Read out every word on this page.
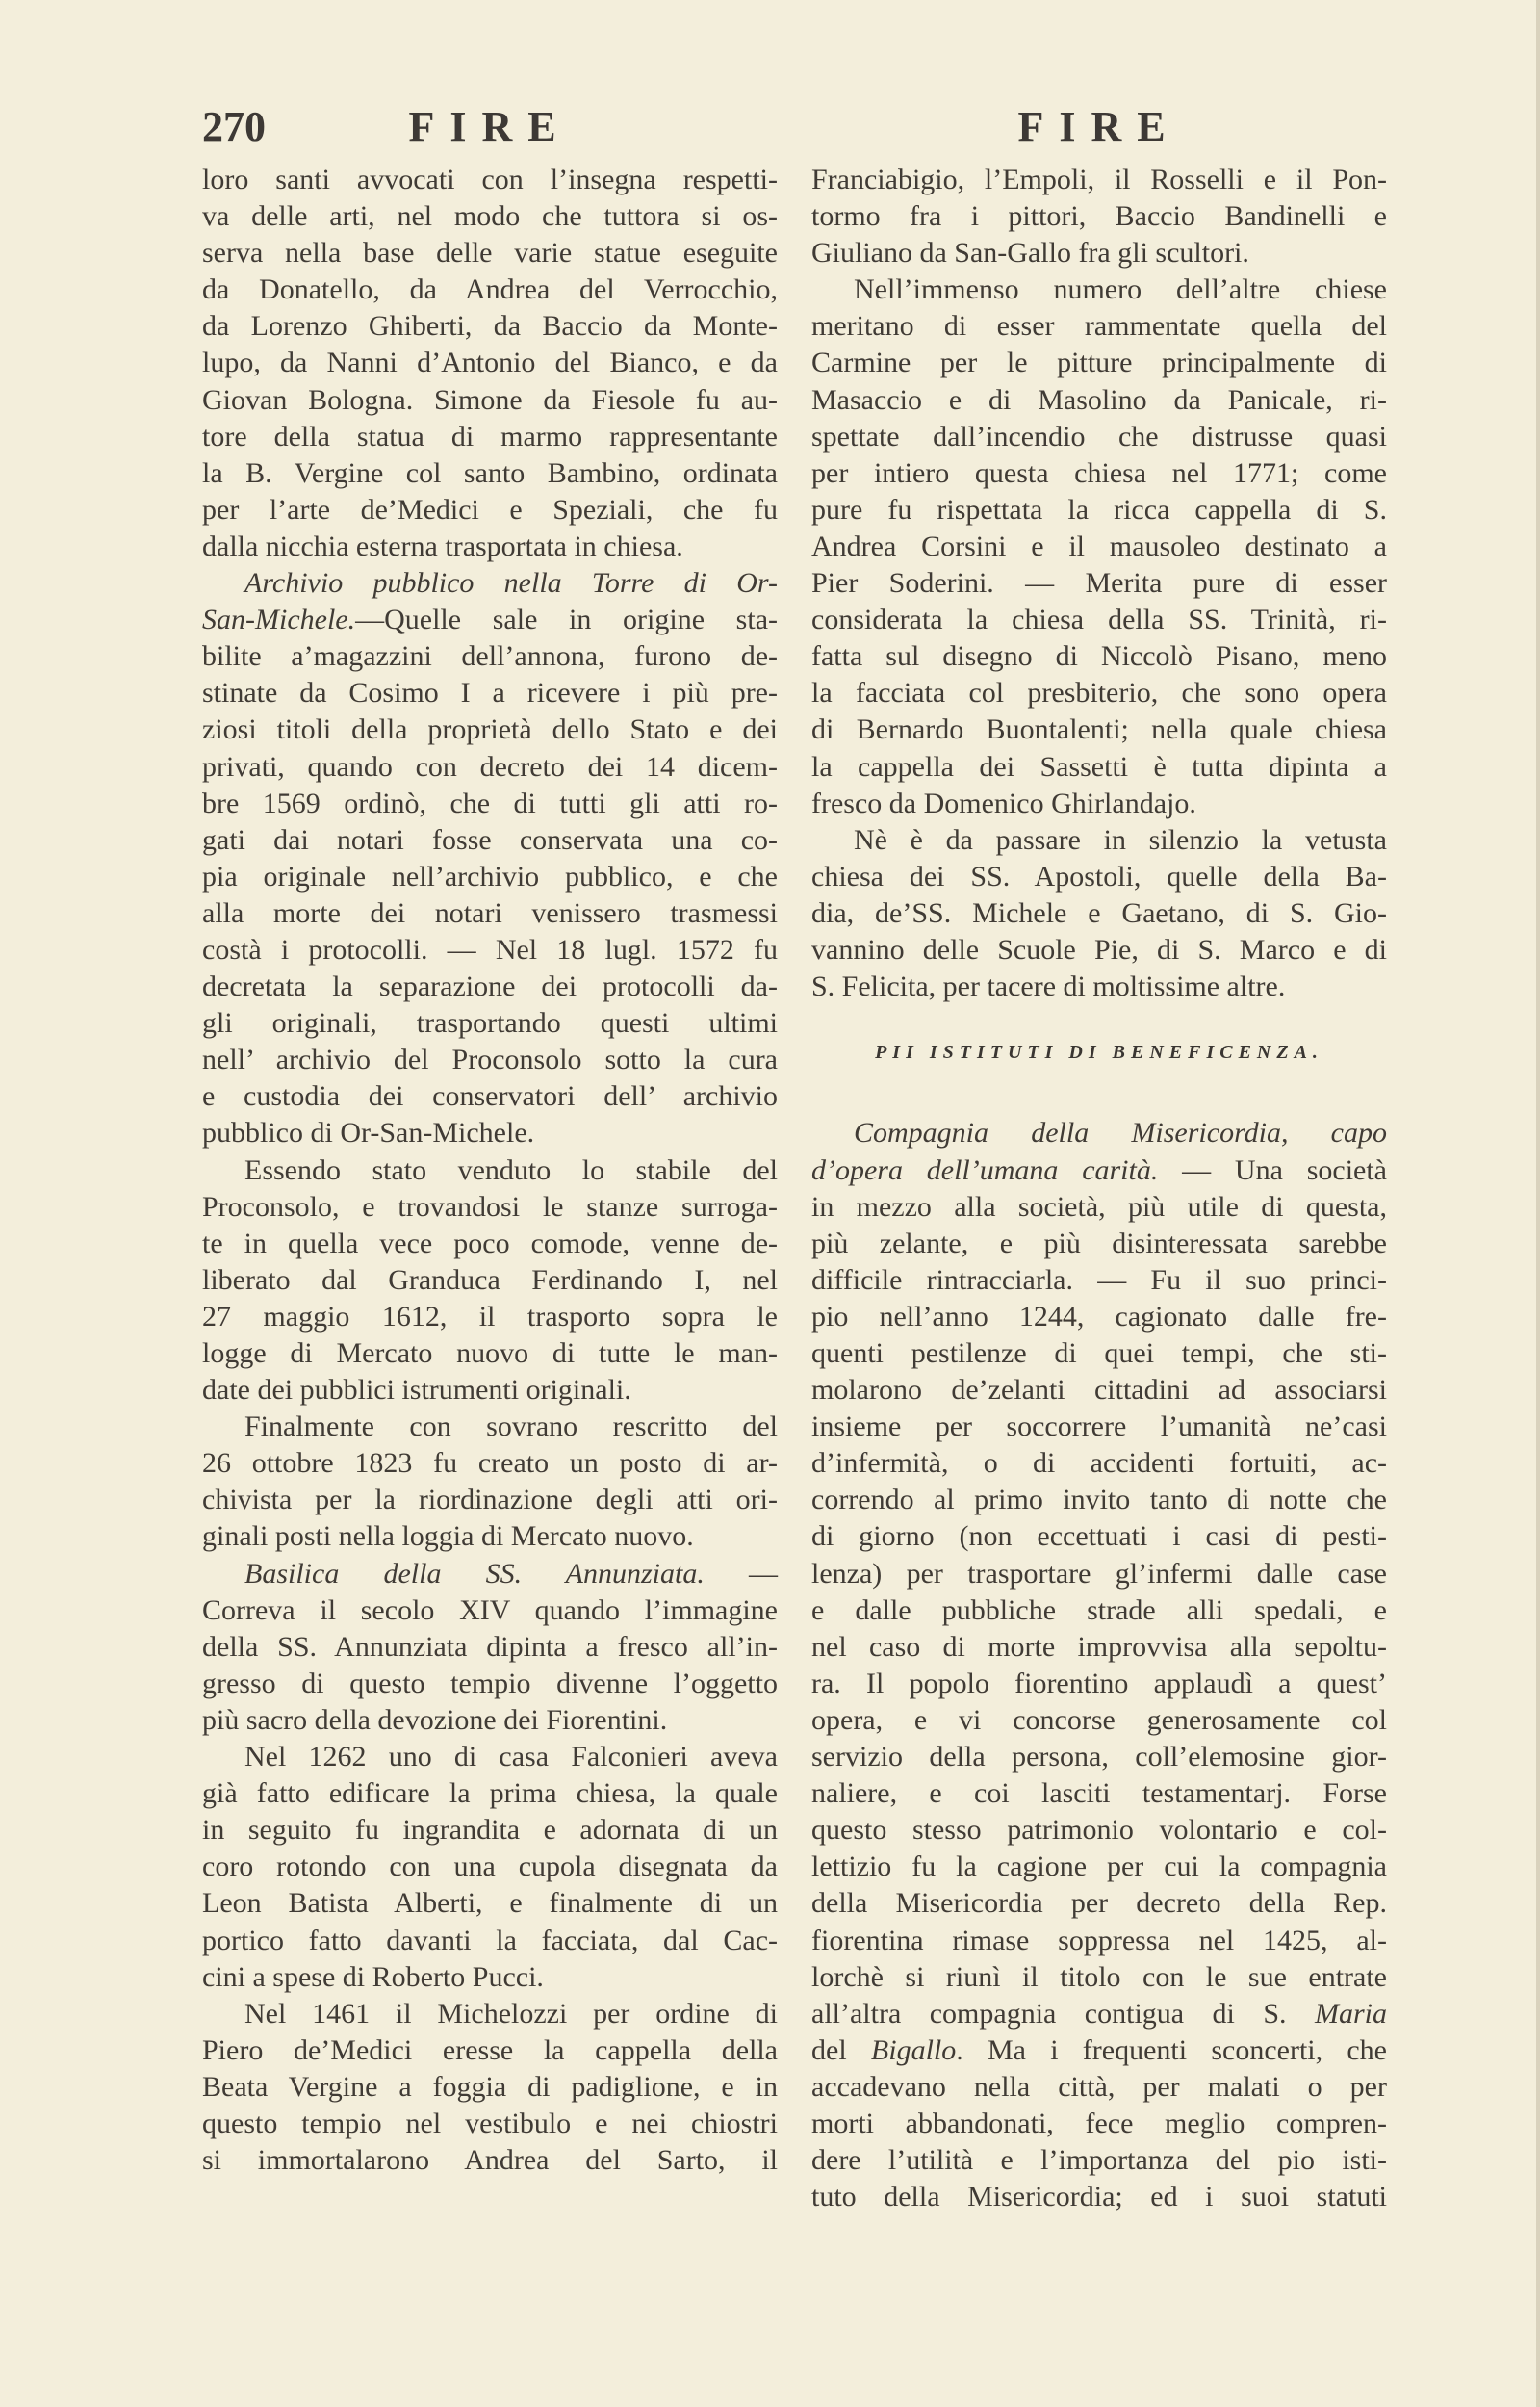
270	FIRE	FIRE
loro santi avvocati con l’insegna respetti-
va delle arti, nel modo che tuttora si os-
serva nella base delle varie statue eseguite
da Donatello, da Andrea del Verrocchio,
da Lorenzo Ghiberti, da Baccio da Monte-
lupo, da Nanni d’Antonio del Bianco, e da
Giovan Bologna. Simone da Fiesole fu au-
tore della statua di marmo rappresentante
la B. Vergine col santo Bambino, ordinata
per l’arte de’Medici e Speziali, che fu
dalla nicchia esterna trasportata in chiesa.
Archivio pubblico nella Torre di Or-
San-Michele.—Quelle sale in origine sta-
bilite a’magazzini dell’annona, furono de-
stinate da Cosimo I a ricevere i più pre-
ziosi titoli della proprietà dello Stato e dei
privati, quando con decreto dei 14 dicem-
bre 1569 ordinò, che di tutti gli atti ro-
gati dai notari fosse conservata una co-
pia originale nell’archivio pubblico, e che
alla morte dei notari venissero trasmessi
costà i protocolli. — Nel 18 lugl. 1572 fu
decretata la separazione dei protocolli da-
gli originali, trasportando questi ultimi
nell’ archivio del Proconsolo sotto la cura
e custodia dei conservatori dell’ archivio
pubblico di Or-San-Michele.
Essendo stato venduto lo stabile del
Proconsolo, e trovandosi le stanze surroga-
te in quella vece poco comode, venne de-
liberato dal Granduca Ferdinando I, nel
27 maggio 1612, il trasporto sopra le
logge di Mercato nuovo di tutte le man-
date dei pubblici istrumenti originali.
Finalmente con sovrano rescritto del
26 ottobre 1823 fu creato un posto di ar-
chivista per la riordinazione degli atti ori-
ginali posti nella loggia di Mercato nuovo.
Basilica della SS. Annunziata. —
Correva il secolo XIV quando l’immagine
della SS. Annunziata dipinta a fresco all’in-
gresso di questo tempio divenne l’oggetto
più sacro della devozione dei Fiorentini.
Nel 1262 uno di casa Falconieri aveva
già fatto edificare la prima chiesa, la quale
in seguito fu ingrandita e adornata di un
coro rotondo con una cupola disegnata da
Leon Batista Alberti, e finalmente di un
portico fatto davanti la facciata, dal Cac-
cini a spese di Roberto Pucci.
Nel 1461 il Michelozzi per ordine di
Piero de’Medici eresse la cappella della
Beata Vergine a foggia di padiglione, e in
questo tempio nel vestibulo e nei chiostri
si immortalarono Andrea del Sarto, il
Franciabigio, l’Empoli, il Rosselli e il Pon-
tormo fra i pittori, Baccio Bandinelli e
Giuliano da San-Gallo fra gli scultori.
Nell’immenso numero dell’altre chiese
meritano di esser rammentate quella del
Carmine per le pitture principalmente di
Masaccio e di Masolino da Panicale, ri-
spettate dall’incendio che distrusse quasi
per intiero questa chiesa nel 1771; come
pure fu rispettata la ricca cappella di S.
Andrea Corsini e il mausoleo destinato a
Pier Soderini. — Merita pure di esser
considerata la chiesa della SS. Trinità, ri-
fatta sul disegno di Niccolò Pisano, meno
la facciata col presbiterio, che sono opera
di Bernardo Buontalenti; nella quale chiesa
la cappella dei Sassetti è tutta dipinta a
fresco da Domenico Ghirlandajo.
Nè è da passare in silenzio la vetusta
chiesa dei SS. Apostoli, quelle della Ba-
dia, de’SS. Michele e Gaetano, di S. Gio-
vannino delle Scuole Pie, di S. Marco e di
S. Felicita, per tacere di moltissime altre.
PII ISTITUTI DI BENEFICENZA.
Compagnia della Misericordia, capo
d’opera dell’umana carità. — Una società
in mezzo alla società, più utile di questa,
più zelante, e più disinteressata sarebbe
difficile rintracciarla. — Fu il suo princi-
pio nell’anno 1244, cagionato dalle fre-
quenti pestilenze di quei tempi, che sti-
molarono de’zelanti cittadini ad associarsi
insieme per soccorrere l’umanità ne’casi
d’infermità, o di accidenti fortuiti, ac-
correndo al primo invito tanto di notte che
di giorno (non eccettuati i casi di pesti-
lenza) per trasportare gl’infermi dalle case
e dalle pubbliche strade alli spedali, e
nel caso di morte improvvisa alla sepoltu-
ra. Il popolo fiorentino applaudì a quest’
opera, e vi concorse generosamente col
servizio della persona, coll’elemosine gior-
naliere, e coi lasciti testamentarj. Forse
questo stesso patrimonio volontario e col-
lettizio fu la cagione per cui la compagnia
della Misericordia per decreto della Rep.
fiorentina rimase soppressa nel 1425, al-
lorchè si riunì il titolo con le sue entrate
all’altra compagnia contigua di S. Maria
del Bigallo. Ma i frequenti sconcerti, che
accadevano nella città, per malati o per
morti abbandonati, fece meglio compren-
dere l’utilità e l’importanza del pio isti-
tuto della Misericordia; ed i suoi statuti
